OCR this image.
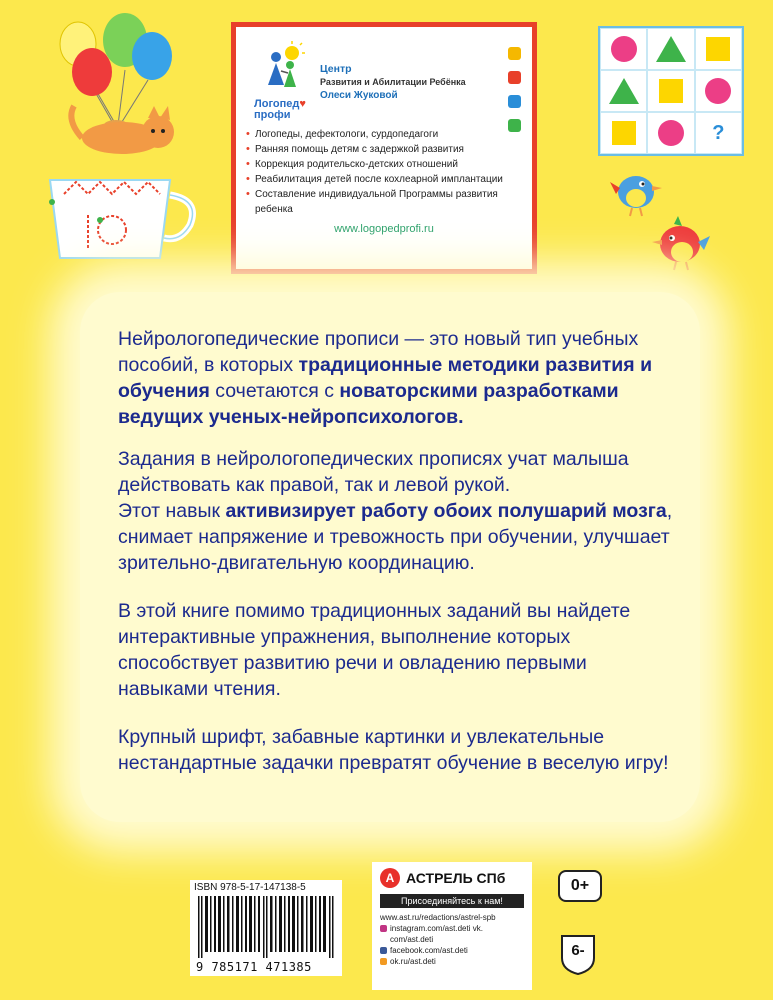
Логопед♥
профи
Центр
Развития и Абилитации Ребёнка
Олеси Жуковой
• Логопеды, дефектологи, сурдопедагоги
• Ранняя помощь детям с задержкой развития
• Коррекция родительско-детских отношений
• Реабилитация детей после кохлеарной имплантации
• Составление индивидуальной Программы развития ребенка
www.logopedprofi.ru
?

Нейрологопедические прописи — это новый тип учебных пособий, в которых традиционные методики развития и обучения сочетаются с новаторскими разработками ведущих ученых-нейропсихологов.

Задания в нейрологопедических прописях учат малыша действовать как правой, так и левой рукой.
Этот навык активизирует работу обоих полушарий мозга, снимает напряжение и тревожность при обучении, улучшает зрительно-двигательную координацию.

В этой книге помимо традиционных заданий вы найдете интерактивные упражнения, выполнение которых способствует развитию речи и овладению первыми навыками чтения.

Крупный шрифт, забавные картинки и увлекательные нестандартные задачки превратят обучение в веселую игру!

ISBN 978-5-17-147138-5
9 785171 471385
А АСТРЕЛЬ СПб
Присоединяйтесь к нам!
www.ast.ru/redactions/astrel-spb
instagram.com/ast.deti vk.
com/ast.deti
facebook.com/ast.deti
ok.ru/ast.deti
0+
6-
